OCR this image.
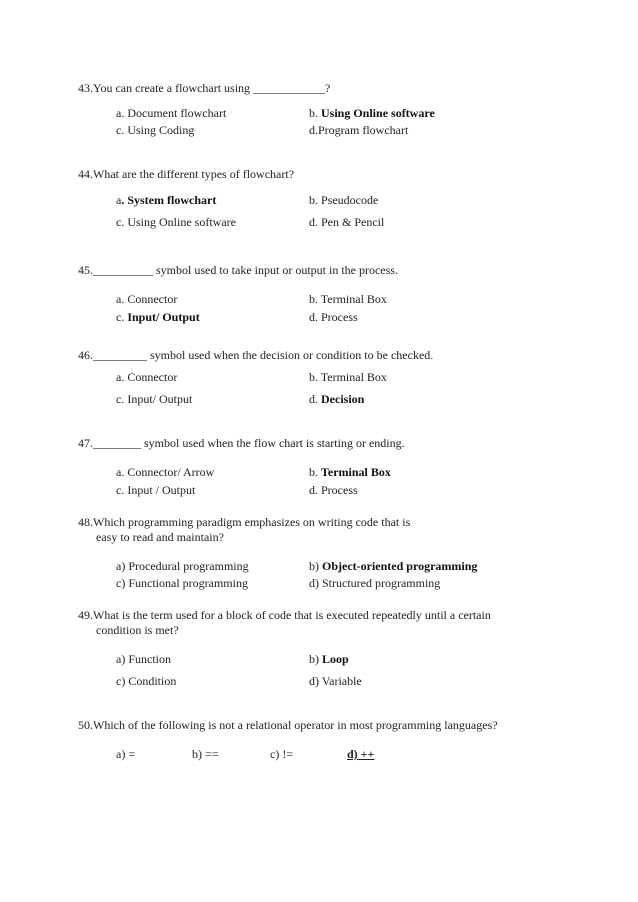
43.You can create a flowchart using ____________?
a. Document flowchart	b. Using Online software
c. Using Coding	d.Program flowchart
44.What are the different types of flowchart?
a. System flowchart	b. Pseudocode
c. Using Online software	d. Pen & Pencil
45.__________ symbol used to take input or output in the process.
a. Connector	b. Terminal Box
c. Input/ Output	d. Process
46._________ symbol used when the decision or condition to be checked.
a. Connector	b. Terminal Box
c. Input/ Output	d. Decision
47.________ symbol used when the flow chart is starting or ending.
a. Connector/ Arrow	b. Terminal Box
c. Input / Output	d. Process
48.Which programming paradigm emphasizes on writing code that is
easy to read and maintain?
a) Procedural programming	b) Object-oriented programming
c) Functional programming	d) Structured programming
49.What is the term used for a block of code that is executed repeatedly until a certain
condition is met?
a) Function	b) Loop
c) Condition	d) Variable
50.Which of the following is not a relational operator in most programming languages?
a) =	b) ==	c) !=	d) ++
